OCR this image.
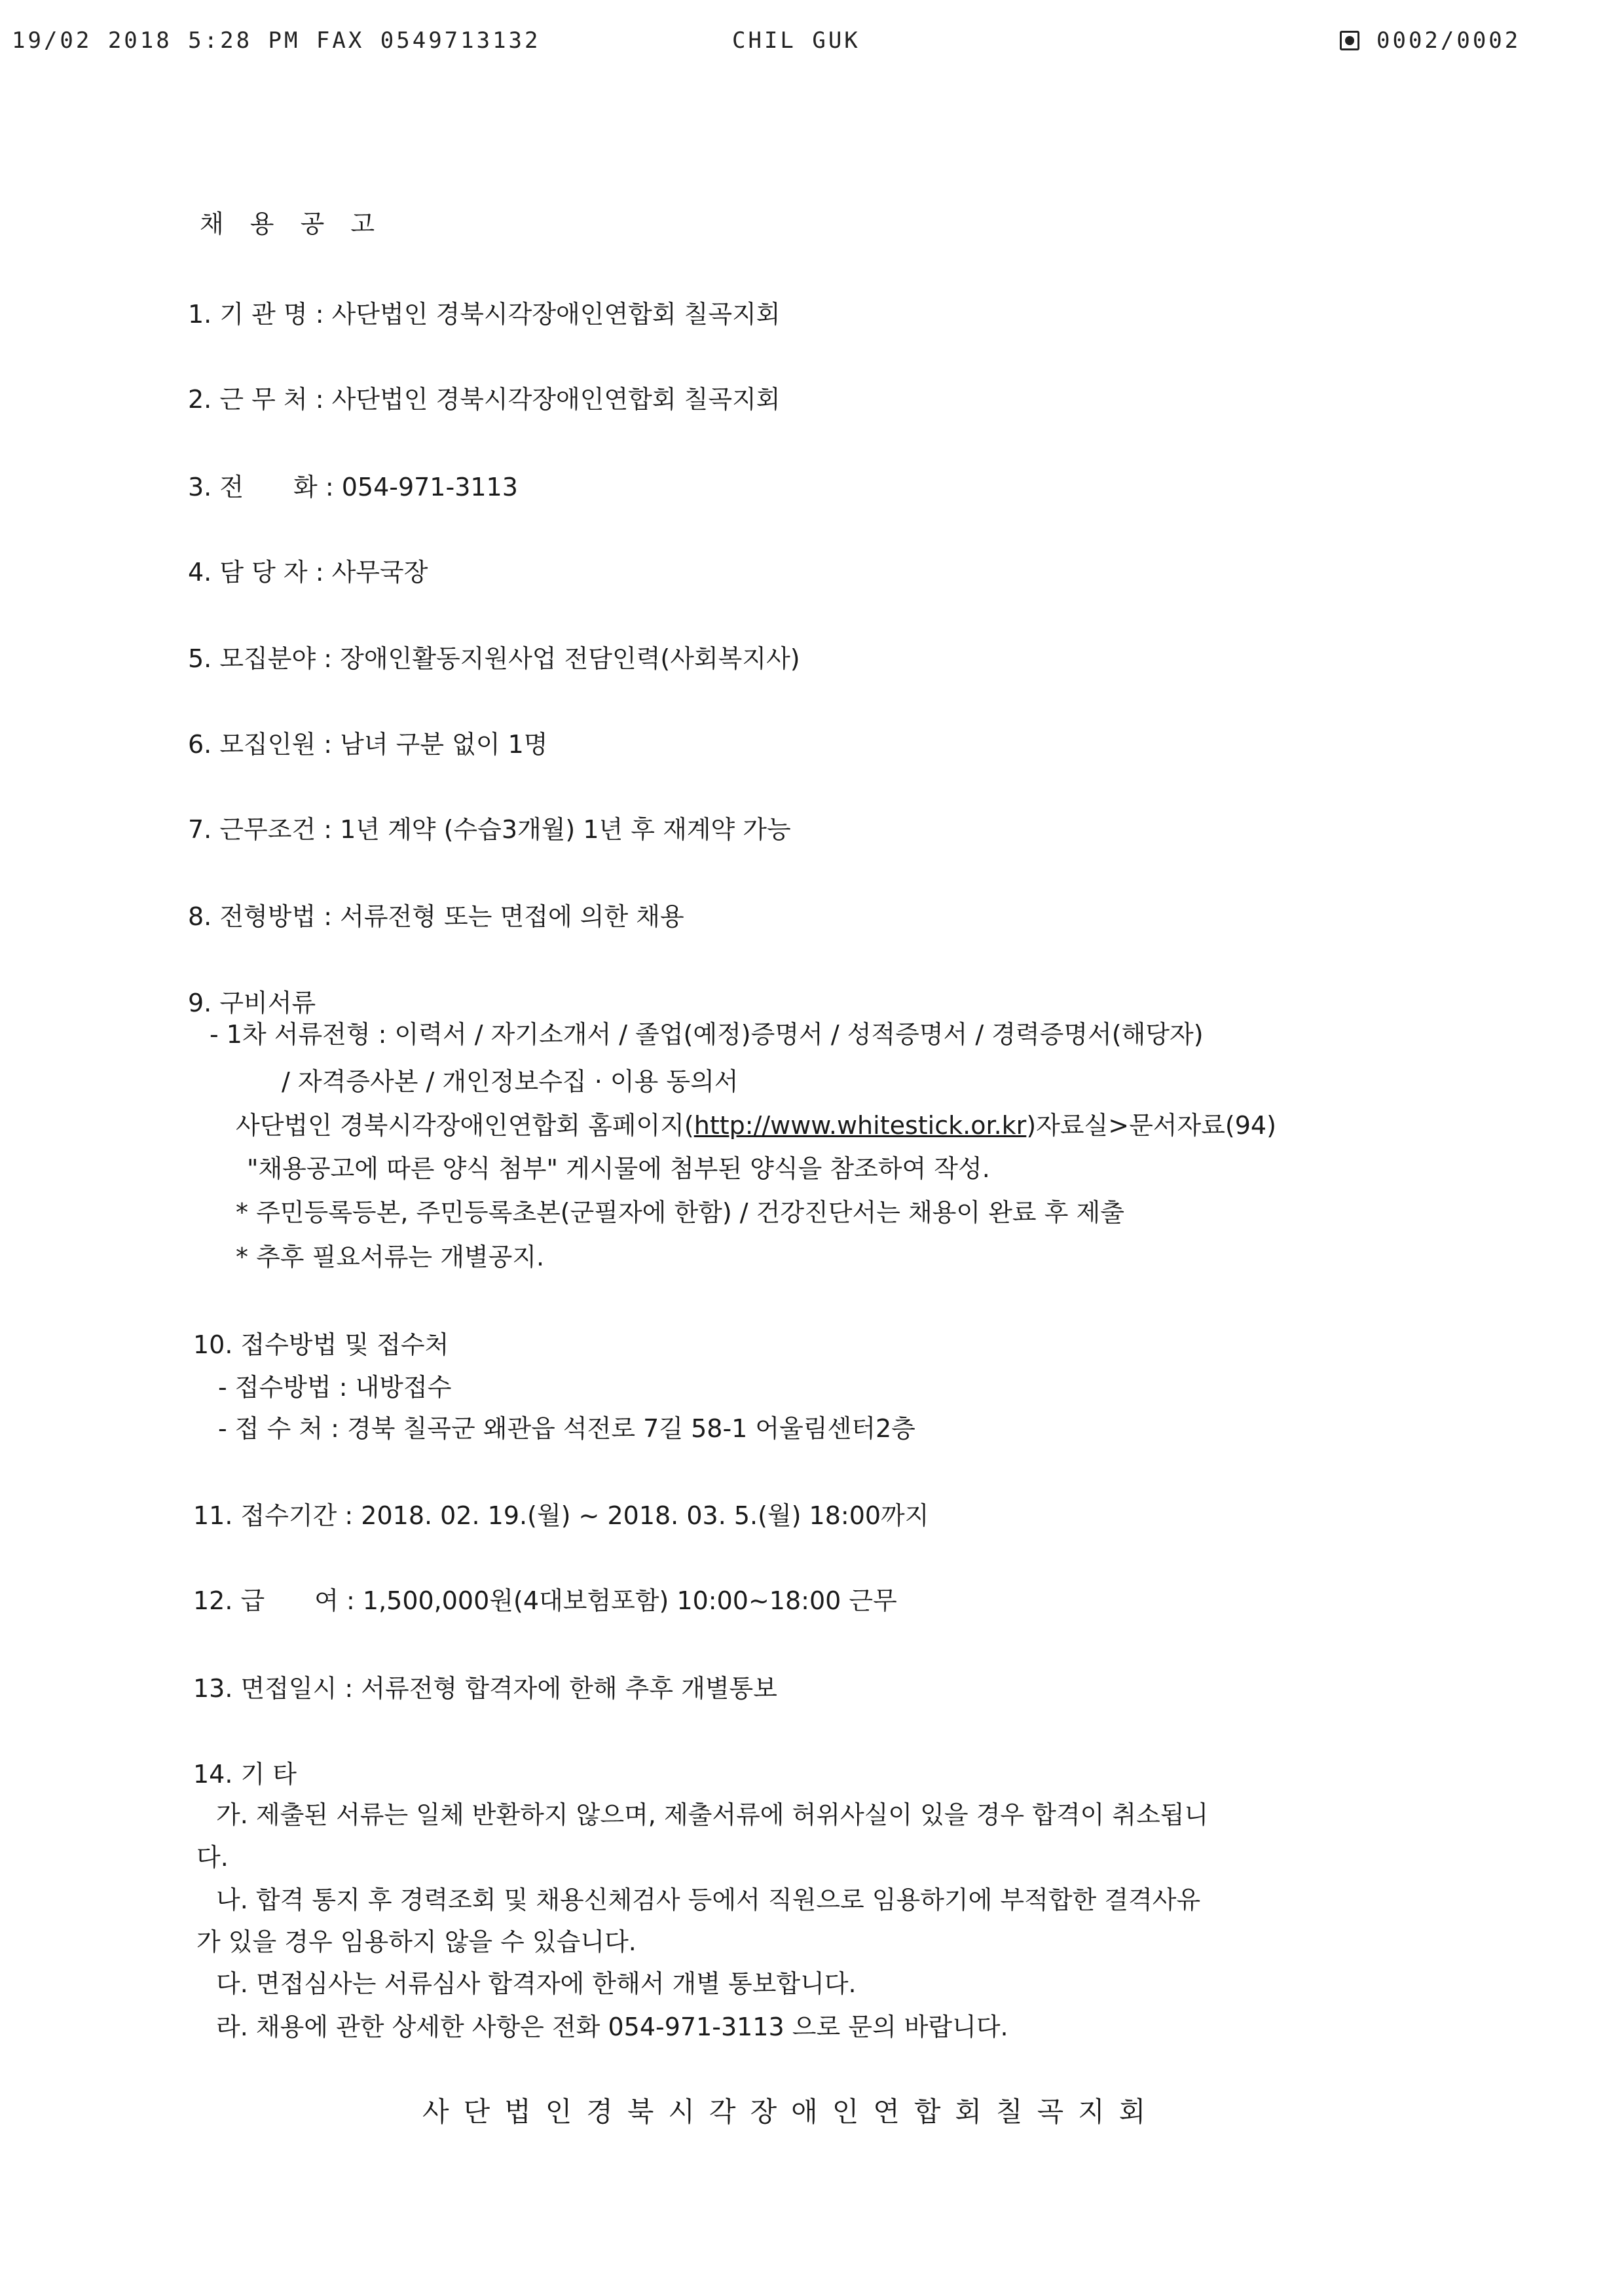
19/02 2018 5:28 PM FAX 0549713132	CHIL GUK	0002/0002
채 용 공 고
1. 기 관 명 : 사단법인 경북시각장애인연합회 칠곡지회
2. 근 무 처 : 사단법인 경북시각장애인연합회 칠곡지회
3. 전　　화 : 054-971-3113
4. 담 당 자 : 사무국장
5. 모집분야 : 장애인활동지원사업 전담인력(사회복지사)
6. 모집인원 : 남녀 구분 없이 1명
7. 근무조건 : 1년 계약 (수습3개월) 1년 후 재계약 가능
8. 전형방법 : 서류전형 또는 면접에 의한 채용
9. 구비서류
- 1차 서류전형 : 이력서 / 자기소개서 / 졸업(예정)증명서 / 성적증명서 / 경력증명서(해당자)
/ 자격증사본 / 개인정보수집 · 이용 동의서
사단법인 경북시각장애인연합회 홈페이지(http://www.whitestick.or.kr)자료실>문서자료(94)
"채용공고에 따른 양식 첨부" 게시물에 첨부된 양식을 참조하여 작성.
* 주민등록등본, 주민등록초본(군필자에 한함) / 건강진단서는 채용이 완료 후 제출
* 추후 필요서류는 개별공지.
10. 접수방법 및 접수처
- 접수방법 : 내방접수
- 접 수 처 : 경북 칠곡군 왜관읍 석전로 7길 58-1 어울림센터2층
11. 접수기간 : 2018. 02. 19.(월) ~ 2018. 03. 5.(월) 18:00까지
12. 급　　여 : 1,500,000원(4대보험포함) 10:00~18:00 근무
13. 면접일시 : 서류전형 합격자에 한해 추후 개별통보
14. 기 타
가. 제출된 서류는 일체 반환하지 않으며, 제출서류에 허위사실이 있을 경우 합격이 취소됩니
다.
나. 합격 통지 후 경력조회 및 채용신체검사 등에서 직원으로 임용하기에 부적합한 결격사유
가 있을 경우 임용하지 않을 수 있습니다.
다. 면접심사는 서류심사 합격자에 한해서 개별 통보합니다.
라. 채용에 관한 상세한 사항은 전화 054-971-3113 으로 문의 바랍니다.
사단법인경북시각장애인연합회칠곡지회
